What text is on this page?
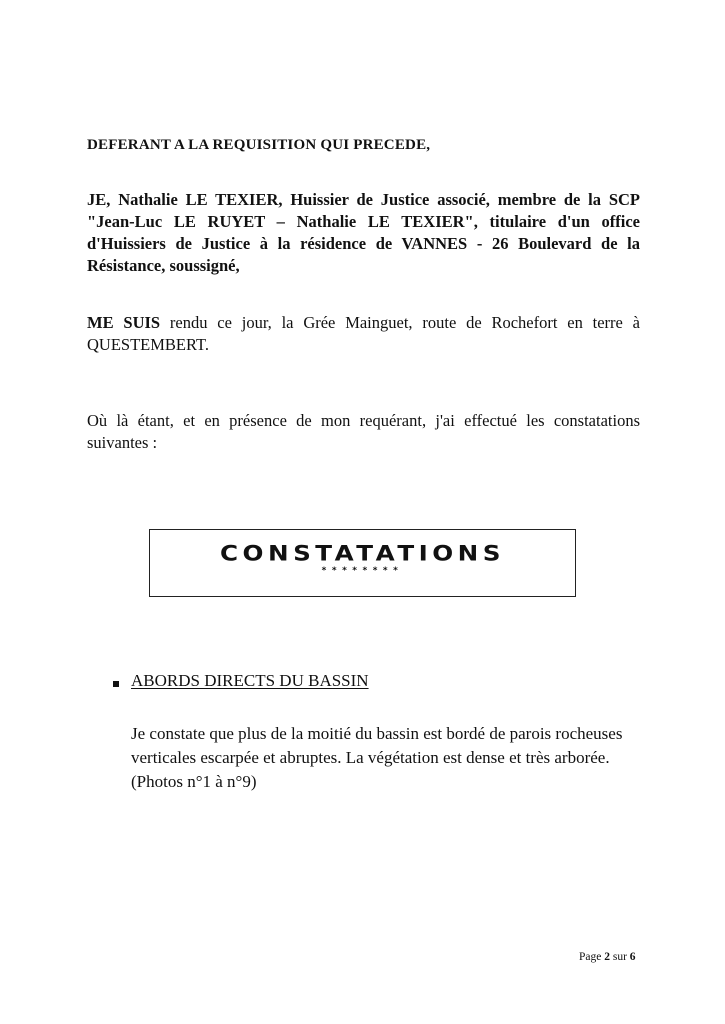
DEFERANT A LA REQUISITION QUI PRECEDE,

JE, Nathalie LE TEXIER, Huissier de Justice associé, membre de la SCP
"Jean-Luc LE RUYET – Nathalie LE TEXIER", titulaire d'un office
d'Huissiers de Justice à la résidence de VANNES - 26 Boulevard de la
Résistance, soussigné,

ME SUIS rendu ce jour, la Grée Mainguet, route de Rochefort en terre à
QUESTEMBERT.

Où là étant, et en présence de mon requérant, j'ai effectué les constatations
suivantes :

CONSTATATIONS
********

ABORDS DIRECTS DU BASSIN

Je constate que plus de la moitié du bassin est bordé de parois rocheuses
verticales escarpée et abruptes. La végétation est dense et très arborée.
(Photos n°1 à n°9)

Page 2 sur 6
